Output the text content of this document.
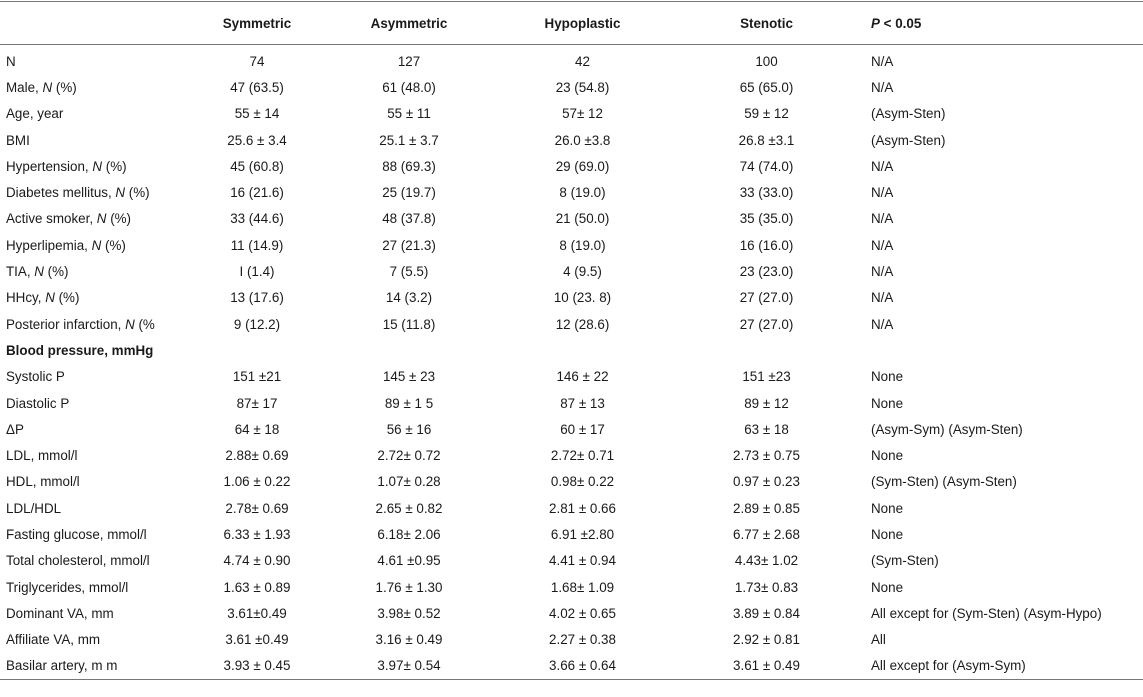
	Symmetric	Asymmetric	Hypoplastic	Stenotic	P < 0.05
N	74	127	42	100	N/A
Male, N (%)	47 (63.5)	61 (48.0)	23 (54.8)	65 (65.0)	N/A
Age, year	55 ± 14	55 ± 11	57± 12	59 ± 12	(Asym-Sten)
BMI	25.6 ± 3.4	25.1 ± 3.7	26.0 ±3.8	26.8 ±3.1	(Asym-Sten)
Hypertension, N (%)	45 (60.8)	88 (69.3)	29 (69.0)	74 (74.0)	N/A
Diabetes mellitus, N (%)	16 (21.6)	25 (19.7)	8 (19.0)	33 (33.0)	N/A
Active smoker, N (%)	33 (44.6)	48 (37.8)	21 (50.0)	35 (35.0)	N/A
Hyperlipemia, N (%)	11 (14.9)	27 (21.3)	8 (19.0)	16 (16.0)	N/A
TIA, N (%)	I (1.4)	7 (5.5)	4 (9.5)	23 (23.0)	N/A
HHcy, N (%)	13 (17.6)	14 (3.2)	10 (23. 8)	27 (27.0)	N/A
Posterior infarction, N (%	9 (12.2)	15 (11.8)	12 (28.6)	27 (27.0)	N/A
Blood pressure, mmHg					
Systolic P	151 ±21	145 ± 23	146 ± 22	151 ±23	None
Diastolic P	87± 17	89 ± 1 5	87 ± 13	89 ± 12	None
ΔP	64 ± 18	56 ± 16	60 ± 17	63 ± 18	(Asym-Sym) (Asym-Sten)
LDL, mmol/l	2.88± 0.69	2.72± 0.72	2.72± 0.71	2.73 ± 0.75	None
HDL, mmol/l	1.06 ± 0.22	1.07± 0.28	0.98± 0.22	0.97 ± 0.23	(Sym-Sten) (Asym-Sten)
LDL/HDL	2.78± 0.69	2.65 ± 0.82	2.81 ± 0.66	2.89 ± 0.85	None
Fasting glucose, mmol/l	6.33 ± 1.93	6.18± 2.06	6.91 ±2.80	6.77 ± 2.68	None
Total cholesterol, mmol/l	4.74 ± 0.90	4.61 ±0.95	4.41 ± 0.94	4.43± 1.02	(Sym-Sten)
Triglycerides, mmol/l	1.63 ± 0.89	1.76 ± 1.30	1.68± 1.09	1.73± 0.83	None
Dominant VA, mm	3.61±0.49	3.98± 0.52	4.02 ± 0.65	3.89 ± 0.84	All except for (Sym-Sten) (Asym-Hypo)
Affiliate VA, mm	3.61 ±0.49	3.16 ± 0.49	2.27 ± 0.38	2.92 ± 0.81	All
Basilar artery, m m	3.93 ± 0.45	3.97± 0.54	3.66 ± 0.64	3.61 ± 0.49	All except for (Asym-Sym)
